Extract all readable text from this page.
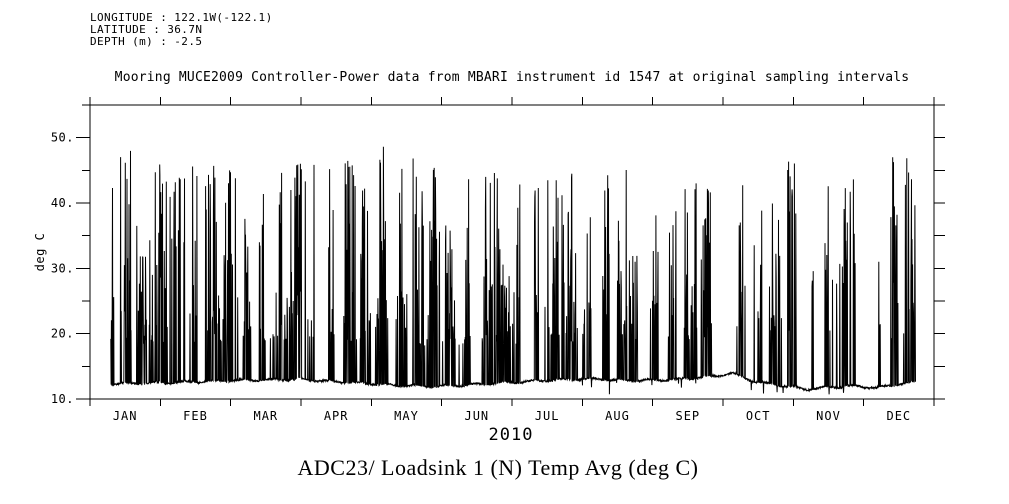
JAN	FEB	MAR	APR	MAY	JUN	JUL	AUG	SEP	OCT	NOV	DEC
10.
20.
30.
40.
50.
LONGITUDE : 122.1W(-122.1)
LATITUDE : 36.7N
DEPTH (m) : -2.5
Mooring MUCE2009 Controller-Power data from MBARI instrument id 1547 at original sampling intervals
deg C
2010
ADC23/ Loadsink 1 (N) Temp Avg (deg C)
